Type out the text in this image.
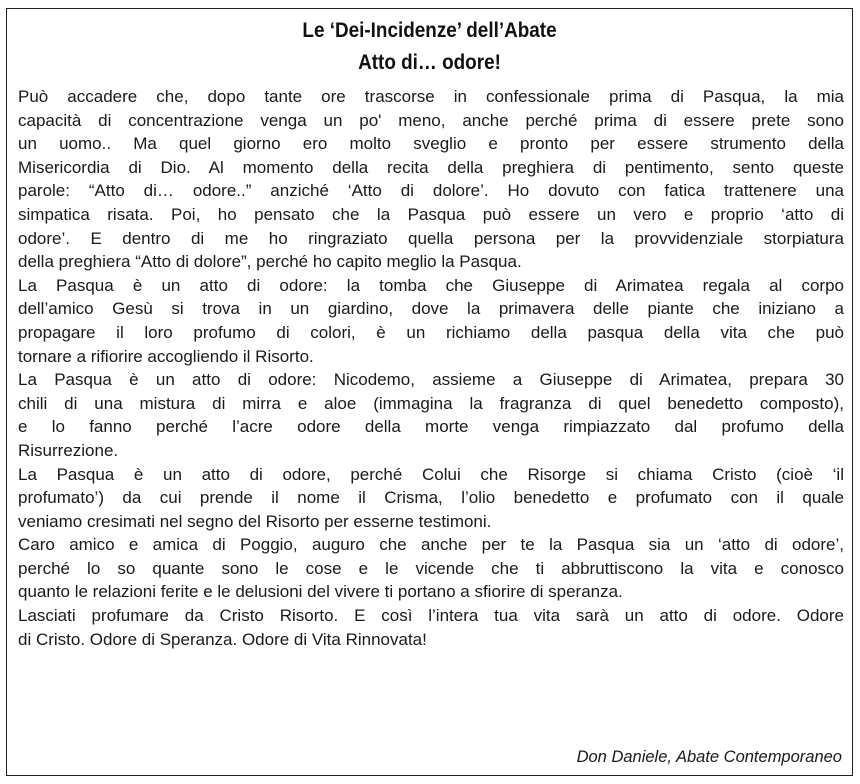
Le ‘Dei-Incidenze’ dell’Abate
Atto di… odore!
Può accadere che, dopo tante ore trascorse in confessionale prima di Pasqua, la mia
capacità di concentrazione venga un po' meno, anche perché prima di essere prete sono
un uomo.. Ma quel giorno ero molto sveglio e pronto per essere strumento della
Misericordia di Dio. Al momento della recita della preghiera di pentimento, sento queste
parole: “Atto di… odore..” anziché ‘Atto di dolore’. Ho dovuto con fatica trattenere una
simpatica risata. Poi, ho pensato che la Pasqua può essere un vero e proprio ‘atto di
odore’. E dentro di me ho ringraziato quella persona per la provvidenziale storpiatura
della preghiera “Atto di dolore”, perché ho capito meglio la Pasqua.
La Pasqua è un atto di odore: la tomba che Giuseppe di Arimatea regala al corpo
dell’amico Gesù si trova in un giardino, dove la primavera delle piante che iniziano a
propagare il loro profumo di colori, è un richiamo della pasqua della vita che può
tornare a rifiorire accogliendo il Risorto.
La Pasqua è un atto di odore: Nicodemo, assieme a Giuseppe di Arimatea, prepara 30
chili di una mistura di mirra e aloe (immagina la fragranza di quel benedetto composto),
e lo fanno perché l’acre odore della morte venga rimpiazzato dal profumo della
Risurrezione.
La Pasqua è un atto di odore, perché Colui che Risorge si chiama Cristo (cioè ‘il
profumato’) da cui prende il nome il Crisma, l’olio benedetto e profumato con il quale
veniamo cresimati nel segno del Risorto per esserne testimoni.
Caro amico e amica di Poggio, auguro che anche per te la Pasqua sia un ‘atto di odore’,
perché lo so quante sono le cose e le vicende che ti abbruttiscono la vita e conosco
quanto le relazioni ferite e le delusioni del vivere ti portano a sfiorire di speranza.
Lasciati profumare da Cristo Risorto. E così l’intera tua vita sarà un atto di odore. Odore
di Cristo. Odore di Speranza. Odore di Vita Rinnovata!
Don Daniele, Abate Contemporaneo
